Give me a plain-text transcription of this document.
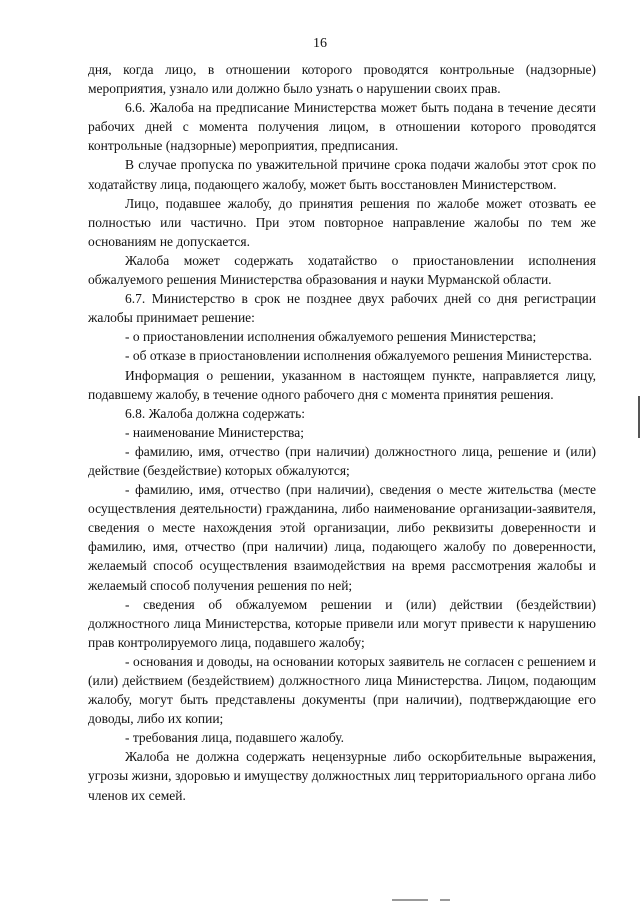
16

дня, когда лицо, в отношении которого проводятся контрольные (надзорные) мероприятия, узнало или должно было узнать о нарушении своих прав.

6.6. Жалоба на предписание Министерства может быть подана в течение десяти рабочих дней с момента получения лицом, в отношении которого проводятся контрольные (надзорные) мероприятия, предписания.

В случае пропуска по уважительной причине срока подачи жалобы этот срок по ходатайству лица, подающего жалобу, может быть восстановлен Министерством.

Лицо, подавшее жалобу, до принятия решения по жалобе может отозвать ее полностью или частично. При этом повторное направление жалобы по тем же основаниям не допускается.

Жалоба может содержать ходатайство о приостановлении исполнения обжалуемого решения Министерства образования и науки Мурманской области.

6.7. Министерство в срок не позднее двух рабочих дней со дня регистрации жалобы принимает решение:

- о приостановлении исполнения обжалуемого решения Министерства;

- об отказе в приостановлении исполнения обжалуемого решения Министерства.

Информация о решении, указанном в настоящем пункте, направляется лицу, подавшему жалобу, в течение одного рабочего дня с момента принятия решения.

6.8. Жалоба должна содержать:

- наименование Министерства;

- фамилию, имя, отчество (при наличии) должностного лица, решение и (или) действие (бездействие) которых обжалуются;

- фамилию, имя, отчество (при наличии), сведения о месте жительства (месте осуществления деятельности) гражданина, либо наименование организации-заявителя, сведения о месте нахождения этой организации, либо реквизиты доверенности и фамилию, имя, отчество (при наличии) лица, подающего жалобу по доверенности, желаемый способ осуществления взаимодействия на время рассмотрения жалобы и желаемый способ получения решения по ней;

- сведения об обжалуемом решении и (или) действии (бездействии) должностного лица Министерства, которые привели или могут привести к нарушению прав контролируемого лица, подавшего жалобу;

- основания и доводы, на основании которых заявитель не согласен с решением и (или) действием (бездействием) должностного лица Министерства. Лицом, подающим жалобу, могут быть представлены документы (при наличии), подтверждающие его доводы, либо их копии;

- требования лица, подавшего жалобу.

Жалоба не должна содержать нецензурные либо оскорбительные выражения, угрозы жизни, здоровью и имуществу должностных лиц территориального органа либо членов их семей.
